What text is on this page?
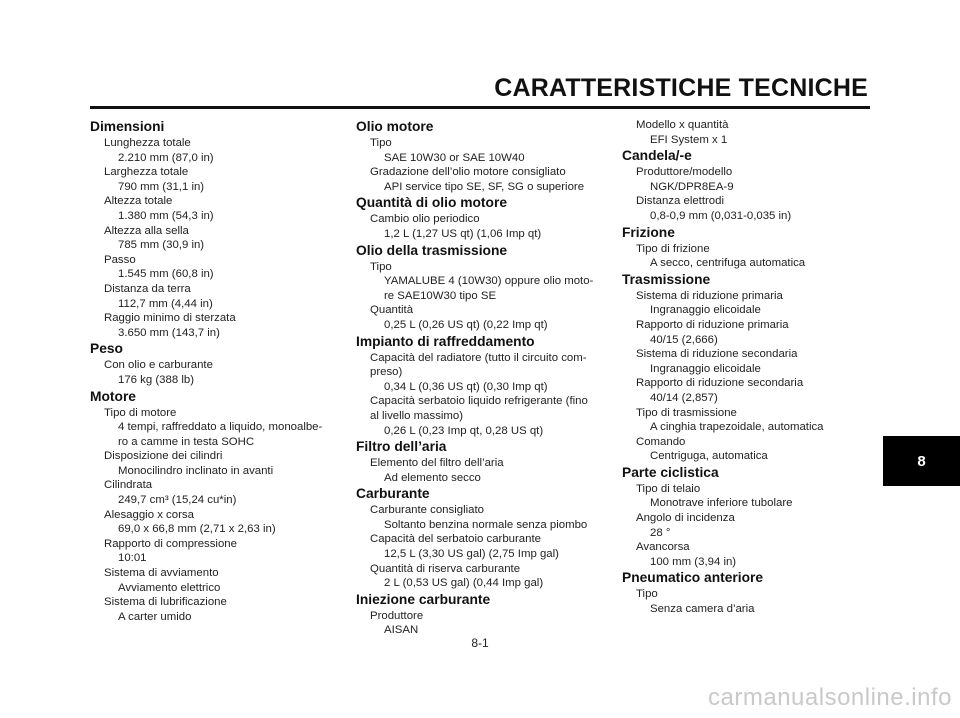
CARATTERISTICHE TECNICHE
Dimensioni
Lunghezza totale
2.210 mm (87,0 in)
Larghezza totale
790 mm (31,1 in)
Altezza totale
1.380 mm (54,3 in)
Altezza alla sella
785 mm (30,9 in)
Passo
1.545 mm (60,8 in)
Distanza da terra
112,7 mm (4,44 in)
Raggio minimo di sterzata
3.650 mm (143,7 in)
Peso
Con olio e carburante
176 kg (388 lb)
Motore
Tipo di motore
4 tempi, raffreddato a liquido, monoalbe-
ro a camme in testa SOHC
Disposizione dei cilindri
Monocilindro inclinato in avanti
Cilindrata
249,7 cm³ (15,24 cu*in)
Alesaggio x corsa
69,0 x 66,8 mm (2,71 x 2,63 in)
Rapporto di compressione
10:01
Sistema di avviamento
Avviamento elettrico
Sistema di lubrificazione
A carter umido
Olio motore
Tipo
SAE 10W30 or SAE 10W40
Gradazione dell’olio motore consigliato
API service tipo SE, SF, SG o superiore
Quantità di olio motore
Cambio olio periodico
1,2 L (1,27 US qt) (1,06 Imp qt)
Olio della trasmissione
Tipo
YAMALUBE 4 (10W30) oppure olio moto-
re SAE10W30 tipo SE
Quantità
0,25 L (0,26 US qt) (0,22 Imp qt)
Impianto di raffreddamento
Capacità del radiatore (tutto il circuito com-
preso)
0,34 L (0,36 US qt) (0,30 Imp qt)
Capacità serbatoio liquido refrigerante (fino
al livello massimo)
0,26 L (0,23 Imp qt, 0,28 US qt)
Filtro dell’aria
Elemento del filtro dell’aria
Ad elemento secco
Carburante
Carburante consigliato
Soltanto benzina normale senza piombo
Capacità del serbatoio carburante
12,5 L (3,30 US gal) (2,75 Imp gal)
Quantità di riserva carburante
2 L (0,53 US gal) (0,44 Imp gal)
Iniezione carburante
Produttore
AISAN
Modello x quantità
EFI System x 1
Candela/-e
Produttore/modello
NGK/DPR8EA-9
Distanza elettrodi
0,8-0,9 mm (0,031-0,035 in)
Frizione
Tipo di frizione
A secco, centrifuga automatica
Trasmissione
Sistema di riduzione primaria
Ingranaggio elicoidale
Rapporto di riduzione primaria
40/15 (2,666)
Sistema di riduzione secondaria
Ingranaggio elicoidale
Rapporto di riduzione secondaria
40/14 (2,857)
Tipo di trasmissione
A cinghia trapezoidale, automatica
Comando
Centriguga, automatica
Parte ciclistica
Tipo di telaio
Monotrave inferiore tubolare
Angolo di incidenza
28 °
Avancorsa
100 mm (3,94 in)
Pneumatico anteriore
Tipo
Senza camera d’aria
8-1
8
carmanualsonline.info
